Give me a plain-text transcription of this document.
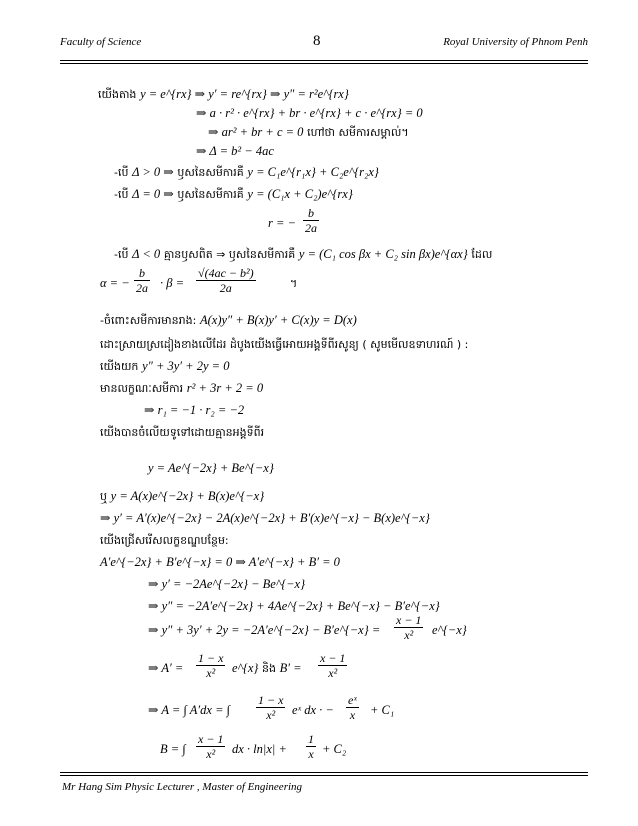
Faculty of Science	8	Royal University of Phnom Penh
យើងតាង y = e^{rx} ⇒ y′ = re^{rx} ⇒ y″ = r²e^{rx}
⇒ a · r² · e^{rx} + br · e^{rx} + c · e^{rx} = 0
⇒ ar² + br + c = 0 ហៅថា សមីការសម្គាល់។
⇒ Δ = b² − 4ac
-បើ Δ > 0 ⇒ ឫសនៃសមីការគឺ y = C₁e^{r₁x} + C₂e^{r₂x}
-បើ Δ = 0 ⇒ ឫសនៃសមីការគឺ y = (C₁x + C₂)e^{rx}
r = − $\frac{b}{2a}$
-បើ Δ < 0 គ្មានឫសពិត ⇒ ឫសនៃសមីការគឺ y = (C₁ cos βx + C₂ sin βx)e^{αx} ដែល
α = − $\frac{b}{2a} \cdot \beta = \frac{\text{√(4ac − b²)}}{2a}$	។
-ចំពោះសមីការមានរាង: A(x)y″ + B(x)y′ + C(x)y = D(x)
ដោះស្រាយស្រដៀងខាងលើដែរ ដំបូងយើងធ្វើអោយអង្គទីពីរសូន្យ ( សូមមើលឧទាហរណ៍ ) :
យើងយក y″ + 3y′ + 2y = 0
មានលក្ខណៈសមីការ r² + 3r + 2 = 0
⇒ r₁ = −1 · r₂ = −2
យើងបានចំលើយទូទៅដោយគ្មានអង្គទីពីរ
y = Ae^{−2x} + Be^{−x}
ឬ y = A(x)e^{−2x} + B(x)e^{−x}
⇒ y′ = A′(x)e^{−2x} − 2A(x)e^{−2x} + B′(x)e^{−x} − B(x)e^{−x}
យើងជ្រើសរើសលក្ខខណ្ឌបន្ថែម:
A′e^{−2x} + B′e^{−x} = 0 ⇒ A′e^{−x} + B′ = 0
⇒ y′ = −2Ae^{−2x} − Be^{−x}
⇒ y″ = −2A′e^{−2x} + 4Ae^{−2x} + Be^{−x} − B′e^{−x}
⇒ y″ + 3y′ + 2y = −2A′e^{−2x} − B′e^{−x} = $\frac{x - 1}{\text{x²}}$ e^{−x}
⇒ $A' = \frac{1 - x}{\text{x²}}$ e^{x} និង $B' = \frac{x - 1}{\text{x²}}$
⇒ A = ∫ A′dx = ∫ $\frac{1 - x}{\text{x²}}$ eˣ dx · − $\frac{\text{eˣ}}{x} + C_1$
B = ∫ $\frac{x - 1}{\text{x²}}$ dx · $\ln|x| + \frac{1}{x} + C_2$
Mr Hang Sim Physic Lecturer , Master of Engineering
